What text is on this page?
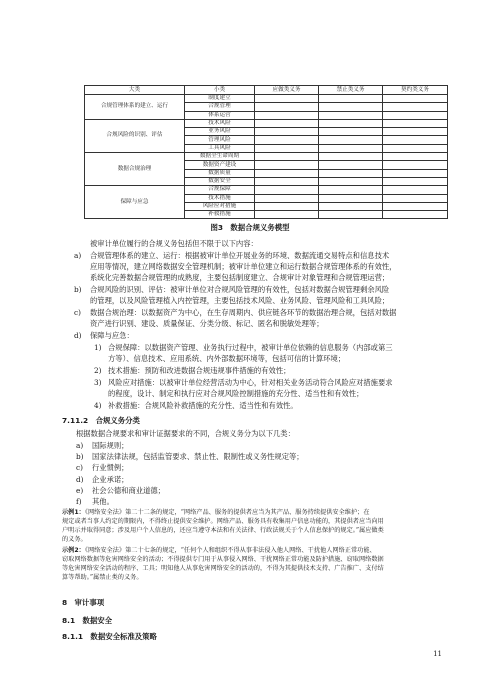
大类	小类	应做类义务	禁止类义务	契约类义务
合规管理体系的建立、运行	制度建立			
	合规管理			
	体系运营			
合规风险的识别、评估	技术风险			
	业务风险			
	管理风险			
	工具风险			
数据合规治理	数据全生命周期			
	数据资产建设			
	数据质量			
	数据安全			
保障与应急	合规保障			
	技术措施			
	风险应对措施			
	补救措施			
图3　数据合规义务模型
被审计单位履行的合规义务包括但不限于以下内容：
a) 合规管理体系的建立、运行：根据被审计单位开展业务的环境、数据流通交易特点和信息技术
应用等情况，建立网络数据安全管理机制；被审计单位建立和运行数据合规管理体系的有效性，
系统化完善数据合规管理的成熟度，主要包括制度建立、合规审计对象管理和合规管理运营；
b) 合规风险的识别、评估：被审计单位对合规风险管理的有效性，包括对数据合规管理剩余风险
的管理，以及风险管理植入内控管理，主要包括技术风险、业务风险、管理风险和工具风险；
c) 数据合规治理：以数据资产为中心，在生存周期内、供应链各环节的数据治理合规，包括对数据
资产进行识别、建设、质量保证、分类分级、标记、匿名和脱敏处理等；
d) 保障与应急：
1) 合规保障：以数据资产管理、业务执行过程中，被审计单位依赖的信息服务（内部或第三
方等）、信息技术、应用系统、内外部数据环境等，包括可信的计算环境；
2) 技术措施：预防和改进数据合规违规事件措施的有效性；
3) 风险应对措施：以被审计单位经营活动为中心，针对相关业务活动符合风险应对措施要求
的程度，设计、制定和执行应对合规风险控制措施的充分性、适当性和有效性；
4) 补救措施：合规风险补救措施的充分性、适当性和有效性。
7.11.2　合规义务分类
根据数据合规要求和审计证据要求的不同，合规义务分为以下几类：
a) 国际规则；
b) 国家法律法规，包括监管要求、禁止性、限制性或义务性规定等；
c) 行业惯例；
d) 企业承诺；
e) 社会公德和商业道德；
f) 其他。
示例1：《网络安全法》第二十二条的规定，“网络产品、服务的提供者应当为其产品、服务持续提供安全维护；在
规定或者当事人约定的期限内，不得终止提供安全维护。网络产品、服务具有收集用户信息功能的，其提供者应当向用
户明示并取得同意；涉及用户个人信息的，还应当遵守本法和有关法律、行政法规关于个人信息保护的规定。”属应做类
的义务。
示例2：《网络安全法》第二十七条的规定，“任何个人和组织不得从事非法侵入他人网络、干扰他人网络正常功能、
窃取网络数据等危害网络安全的活动；不得提供专门用于从事侵入网络、干扰网络正常功能及防护措施、窃取网络数据
等危害网络安全活动的程序、工具；明知他人从事危害网络安全的活动的，不得为其提供技术支持、广告推广、支付结
算等帮助。”属禁止类的义务。
8　审计事项
8.1　数据安全
8.1.1　数据安全标准及策略
11
